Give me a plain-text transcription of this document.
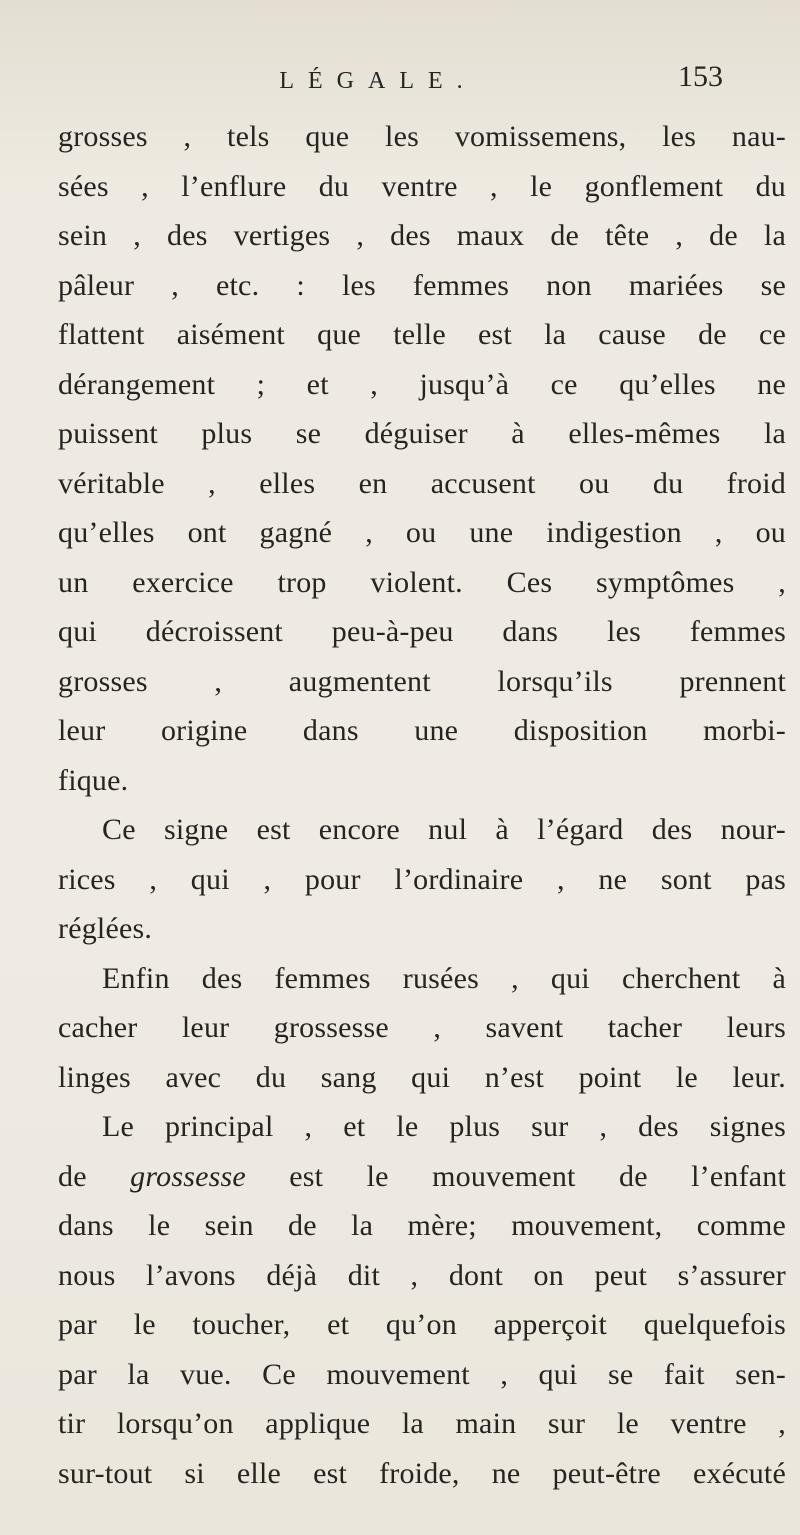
LÉGALE.	153
grosses , tels que les vomissemens, les nau-
sées , l’enflure du ventre , le gonflement du
sein , des vertiges , des maux de tête , de la
pâleur , etc. : les femmes non mariées se
flattent aisément que telle est la cause de ce
dérangement ; et , jusqu’à ce qu’elles ne
puissent plus se déguiser à elles-mêmes la
véritable , elles en accusent ou du froid
qu’elles ont gagné , ou une indigestion , ou
un exercice trop violent. Ces symptômes ,
qui décroissent peu-à-peu dans les femmes
grosses , augmentent lorsqu’ils prennent
leur origine dans une disposition morbi-
fique.
Ce signe est encore nul à l’égard des nour-
rices , qui , pour l’ordinaire , ne sont pas
réglées.
Enfin des femmes rusées , qui cherchent à
cacher leur grossesse , savent tacher leurs
linges avec du sang qui n’est point le leur.
Le principal , et le plus sur , des signes
de grossesse est le mouvement de l’enfant
dans le sein de la mère; mouvement, comme
nous l’avons déjà dit , dont on peut s’assurer
par le toucher, et qu’on apperçoit quelquefois
par la vue. Ce mouvement , qui se fait sen-
tir lorsqu’on applique la main sur le ventre ,
sur-tout si elle est froide, ne peut-être exécuté
